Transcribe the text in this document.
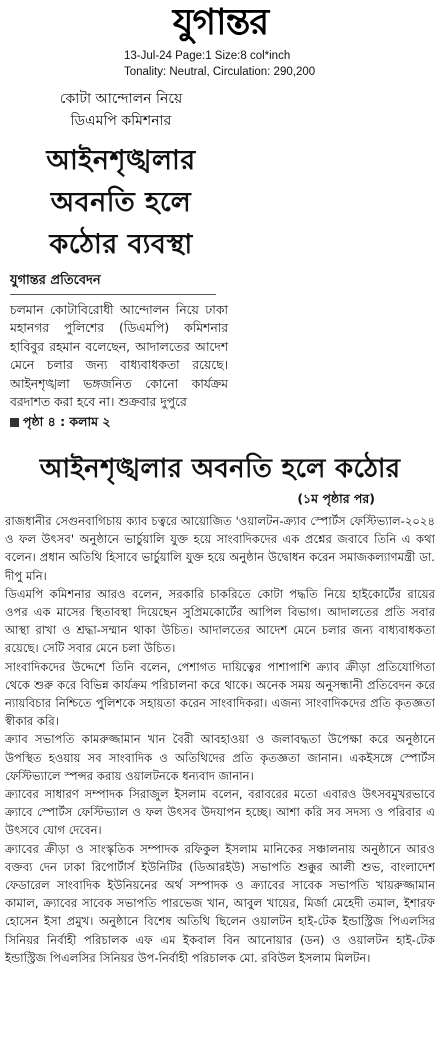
যুগান্তর
13-Jul-24 Page:1 Size:8 col*inch
Tonality: Neutral, Circulation: 290,200
কোটা আন্দোলন নিয়ে
ডিএমপি কমিশনার
আইনশৃঙ্খলার
অবনতি হলে
কঠোর ব্যবস্থা
যুগান্তর প্রতিবেদন
চলমান কোটাবিরোধী আন্দোলন নিয়ে ঢাকা মহানগর পুলিশের (ডিএমপি) কমিশনার হাবিবুর রহমান বলেছেন, আদালতের আদেশ মেনে চলার জন্য বাধ্যবাধকতা রয়েছে। আইনশৃঙ্খলা ভঙ্গজনিত কোনো কার্যক্রম বরদাশত করা হবে না। শুক্রবার দুপুরে
পৃষ্ঠা ৪ : কলাম ২
আইনশৃঙ্খলার অবনতি হলে কঠোর
(১ম পৃষ্ঠার পর)

রাজধানীর সেগুনবাগিচায় ক্যাব চত্বরে আয়োজিত 'ওয়ালটন-ক্র্যাব স্পোর্টস ফেস্টিভ্যাল-২০২৪ ও ফল উৎসব' অনুষ্ঠানে ভার্চুয়ালি যুক্ত হয়ে সাংবাদিকদের এক প্রশ্নের জবাবে তিনি এ কথা বলেন। প্রধান অতিথি হিসাবে ভার্চুয়ালি যুক্ত হয়ে অনুষ্ঠান উদ্বোধন করেন সমাজকল্যাণমন্ত্রী ডা. দীপু মনি।

ডিএমপি কমিশনার আরও বলেন, সরকারি চাকরিতে কোটা পদ্ধতি নিয়ে হাইকোর্টের রায়ের ওপর এক মাসের স্থিতাবস্থা দিয়েছেন সুপ্রিমকোর্টের আপিল বিভাগ। আদালতের প্রতি সবার আস্থা রাখা ও শ্রদ্ধা-সম্মান থাকা উচিত। আদালতের আদেশ মেনে চলার জন্য বাধ্যবাধকতা রয়েছে। সেটি সবার মেনে চলা উচিত।

সাংবাদিকদের উদ্দেশে তিনি বলেন, পেশাগত দায়িত্বের পাশাপাশি ক্র্যাব ক্রীড়া প্রতিযোগিতা থেকে শুরু করে বিভিন্ন কার্যক্রম পরিচালনা করে থাকে। অনেক সময় অনুসন্ধানী প্রতিবেদন করে ন্যায়বিচার নিশ্চিতে পুলিশকে সহায়তা করেন সাংবাদিকরা। এজন্য সাংবাদিকদের প্রতি কৃতজ্ঞতা স্বীকার করি।

ক্র্যাব সভাপতি কামরুজ্জামান খান বৈরী আবহাওয়া ও জলাবদ্ধতা উপেক্ষা করে অনুষ্ঠানে উপস্থিত হওয়ায় সব সাংবাদিক ও অতিথিদের প্রতি কৃতজ্ঞতা জানান। একইসঙ্গে স্পোর্টস ফেস্টিভ্যালে স্পন্সর করায় ওয়ালটনকে ধন্যবাদ জানান।

ক্র্যাবের সাধারণ সম্পাদক সিরাজুল ইসলাম বলেন, বরাবরের মতো এবারও উৎসবমুখরভাবে ক্র্যাবে স্পোর্টস ফেস্টিভ্যাল ও ফল উৎসব উদযাপন হচ্ছে। আশা করি সব সদস্য ও পরিবার এ উৎসবে যোগ দেবেন।

ক্র্যাবের ক্রীড়া ও সাংস্কৃতিক সম্পাদক রফিকুল ইসলাম মানিকের সঞ্চালনায় অনুষ্ঠানে আরও বক্তব্য দেন ঢাকা রিপোর্টার্স ইউনিটির (ডিআরইউ) সভাপতি শুক্কুর আলী শুভ, বাংলাদেশ ফেডারেল সাংবাদিক ইউনিয়নের অর্থ সম্পাদক ও ক্র্যাবের সাবেক সভাপতি খায়রুজ্জামান কামাল, ক্র্যাবের সাবেক সভাপতি পারভেজ খান, আবুল খায়ের, মির্জা মেহেদী তমাল, ইশারফ হোসেন ইসা প্রমুখ। অনুষ্ঠানে বিশেষ অতিথি ছিলেন ওয়ালটন হাই-টেক ইন্ডাস্ট্রিজ পিএলসির সিনিয়র নির্বাহী পরিচালক এফ এম ইকবাল বিন আনোয়ার (ডন) ও ওয়ালটন হাই-টেক ইন্ডাস্ট্রিজ পিএলসির সিনিয়র উপ-নির্বাহী পরিচালক মো. রবিউল ইসলাম মিলটন।
